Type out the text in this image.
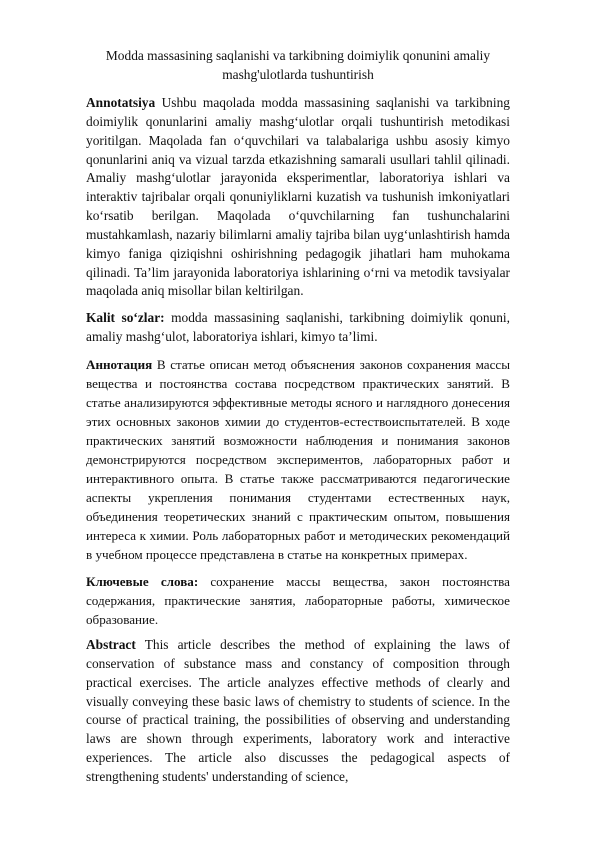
Modda massasining saqlanishi va tarkibning doimiylik qonunini amaliy
mashg'ulotlarda tushuntirish

Annotatsiya Ushbu maqolada modda massasining saqlanishi va tarkibning doimiylik qonunlarini amaliy mashg‘ulotlar orqali tushuntirish metodikasi yoritilgan. Maqolada fan o‘quvchilari va talabalariga ushbu asosiy kimyo qonunlarini aniq va vizual tarzda etkazishning samarali usullari tahlil qilinadi. Amaliy mashg‘ulotlar jarayonida eksperimentlar, laboratoriya ishlari va interaktiv tajribalar orqali qonuniyliklarni kuzatish va tushunish imkoniyatlari ko‘rsatib berilgan. Maqolada o‘quvchilarning fan tushunchalarini mustahkamlash, nazariy bilimlarni amaliy tajriba bilan uyg‘unlashtirish hamda kimyo faniga qiziqishni oshirishning pedagogik jihatlari ham muhokama qilinadi. Ta’lim jarayonida laboratoriya ishlarining o‘rni va metodik tavsiyalar maqolada aniq misollar bilan keltirilgan.

Kalit so‘zlar: modda massasining saqlanishi, tarkibning doimiylik qonuni, amaliy mashg‘ulot, laboratoriya ishlari, kimyo ta’limi.

Аннотация В статье описан метод объяснения законов сохранения массы вещества и постоянства состава посредством практических занятий. В статье анализируются эффективные методы ясного и наглядного донесения этих основных законов химии до студентов-естествоиспытателей. В ходе практических занятий возможности наблюдения и понимания законов демонстрируются посредством экспериментов, лабораторных работ и интерактивного опыта. В статье также рассматриваются педагогические аспекты укрепления понимания студентами естественных наук, объединения теоретических знаний с практическим опытом, повышения интереса к химии. Роль лабораторных работ и методических рекомендаций в учебном процессе представлена в статье на конкретных примерах.

Ключевые слова: сохранение массы вещества, закон постоянства содержания, практические занятия, лабораторные работы, химическое образование.

Abstract This article describes the method of explaining the laws of conservation of substance mass and constancy of composition through practical exercises. The article analyzes effective methods of clearly and visually conveying these basic laws of chemistry to students of science. In the course of practical training, the possibilities of observing and understanding laws are shown through experiments, laboratory work and interactive experiences. The article also discusses the pedagogical aspects of strengthening students' understanding of science,
